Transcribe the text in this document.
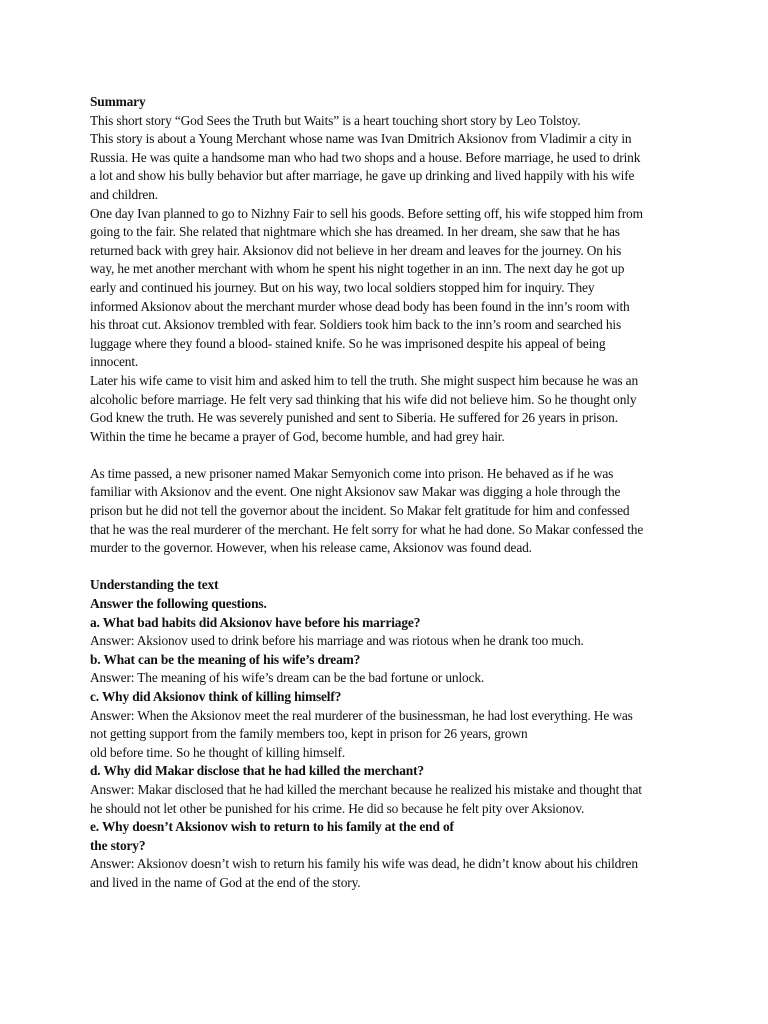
Summary
This short story “God Sees the Truth but Waits” is a heart touching short story by Leo Tolstoy.
This story is about a Young Merchant whose name was Ivan Dmitrich Aksionov from Vladimir a city in
Russia. He was quite a handsome man who had two shops and a house. Before marriage, he used to drink
a lot and show his bully behavior but after marriage, he gave up drinking and lived happily with his wife
and children.
One day Ivan planned to go to Nizhny Fair to sell his goods. Before setting off, his wife stopped him from
going to the fair. She related that nightmare which she has dreamed. In her dream, she saw that he has
returned back with grey hair. Aksionov did not believe in her dream and leaves for the journey. On his
way, he met another merchant with whom he spent his night together in an inn. The next day he got up
early and continued his journey. But on his way, two local soldiers stopped him for inquiry. They
informed Aksionov about the merchant murder whose dead body has been found in the inn’s room with
his throat cut. Aksionov trembled with fear. Soldiers took him back to the inn’s room and searched his
luggage where they found a blood- stained knife. So he was imprisoned despite his appeal of being
innocent.
Later his wife came to visit him and asked him to tell the truth. She might suspect him because he was an
alcoholic before marriage. He felt very sad thinking that his wife did not believe him. So he thought only
God knew the truth. He was severely punished and sent to Siberia. He suffered for 26 years in prison.
Within the time he became a prayer of God, become humble, and had grey hair.
As time passed, a new prisoner named Makar Semyonich come into prison. He behaved as if he was
familiar with Aksionov and the event. One night Aksionov saw Makar was digging a hole through the
prison but he did not tell the governor about the incident. So Makar felt gratitude for him and confessed
that he was the real murderer of the merchant. He felt sorry for what he had done. So Makar confessed the
murder to the governor. However, when his release came, Aksionov was found dead.
Understanding the text
Answer the following questions.
a. What bad habits did Aksionov have before his marriage?
Answer: Aksionov used to drink before his marriage and was riotous when he drank too much.
b. What can be the meaning of his wife’s dream?
Answer: The meaning of his wife’s dream can be the bad fortune or unlock.
c. Why did Aksionov think of killing himself?
Answer: When the Aksionov meet the real murderer of the businessman, he had lost everything. He was
not getting support from the family members too, kept in prison for 26 years, grown
old before time. So he thought of killing himself.
d. Why did Makar disclose that he had killed the merchant?
Answer: Makar disclosed that he had killed the merchant because he realized his mistake and thought that
he should not let other be punished for his crime. He did so because he felt pity over Aksionov.
e. Why doesn’t Aksionov wish to return to his family at the end of
the story?
Answer: Aksionov doesn’t wish to return his family his wife was dead, he didn’t know about his children
and lived in the name of God at the end of the story.
